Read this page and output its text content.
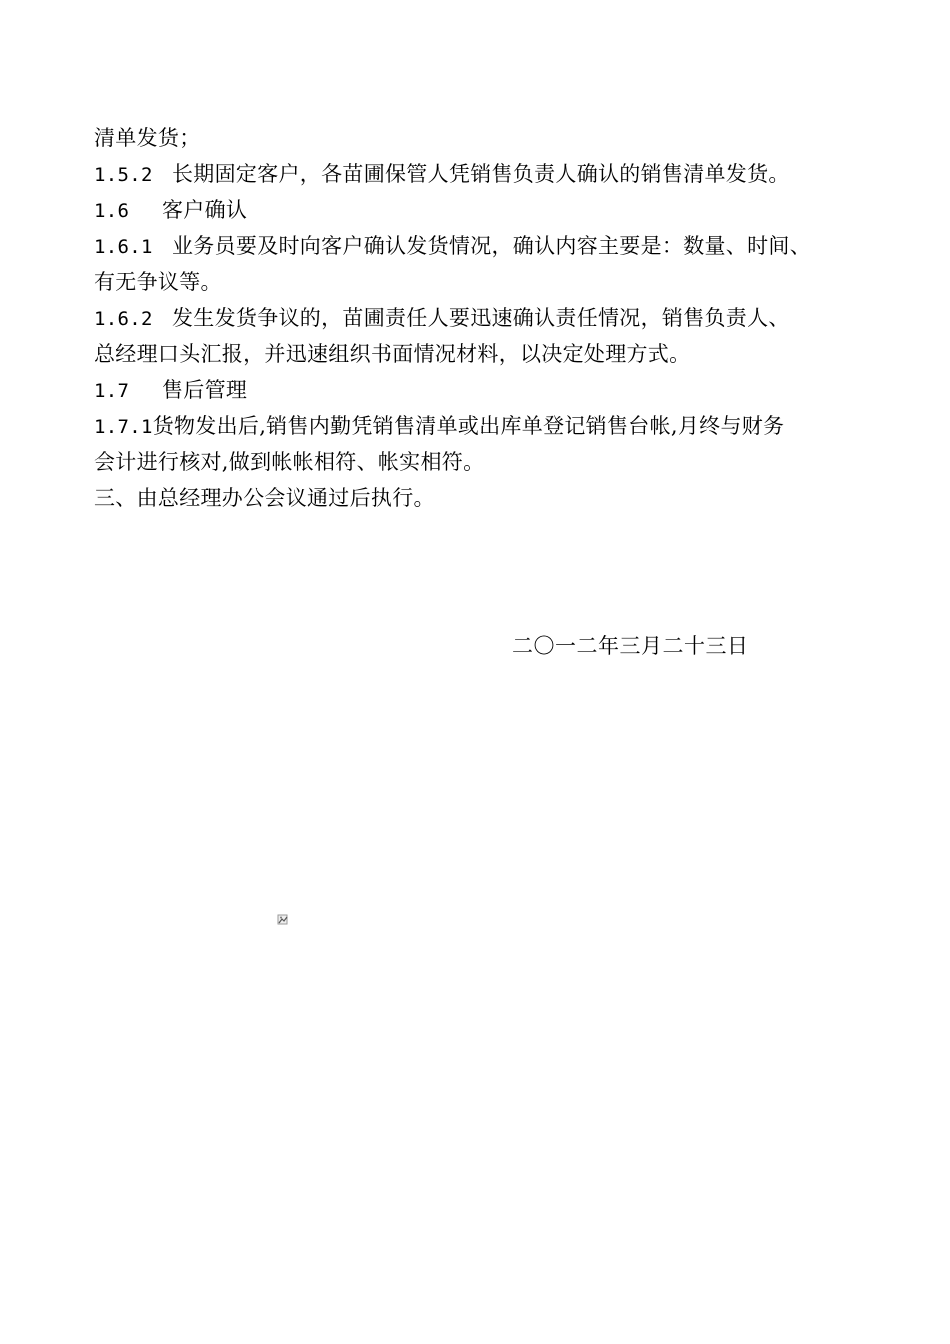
清单发货；
1.5.2 长期固定客户，各苗圃保管人凭销售负责人确认的销售清单发货。
1.6 客户确认
1.6.1 业务员要及时向客户确认发货情况，确认内容主要是：数量、时间、
有无争议等。
1.6.2 发生发货争议的，苗圃责任人要迅速确认责任情况，销售负责人、
总经理口头汇报，并迅速组织书面情况材料，以决定处理方式。
1.7 售后管理
1.7.1货物发出后,销售内勤凭销售清单或出库单登记销售台帐,月终与财务
会计进行核对,做到帐帐相符、帐实相符。
三、由总经理办公会议通过后执行。
二〇一二年三月二十三日
